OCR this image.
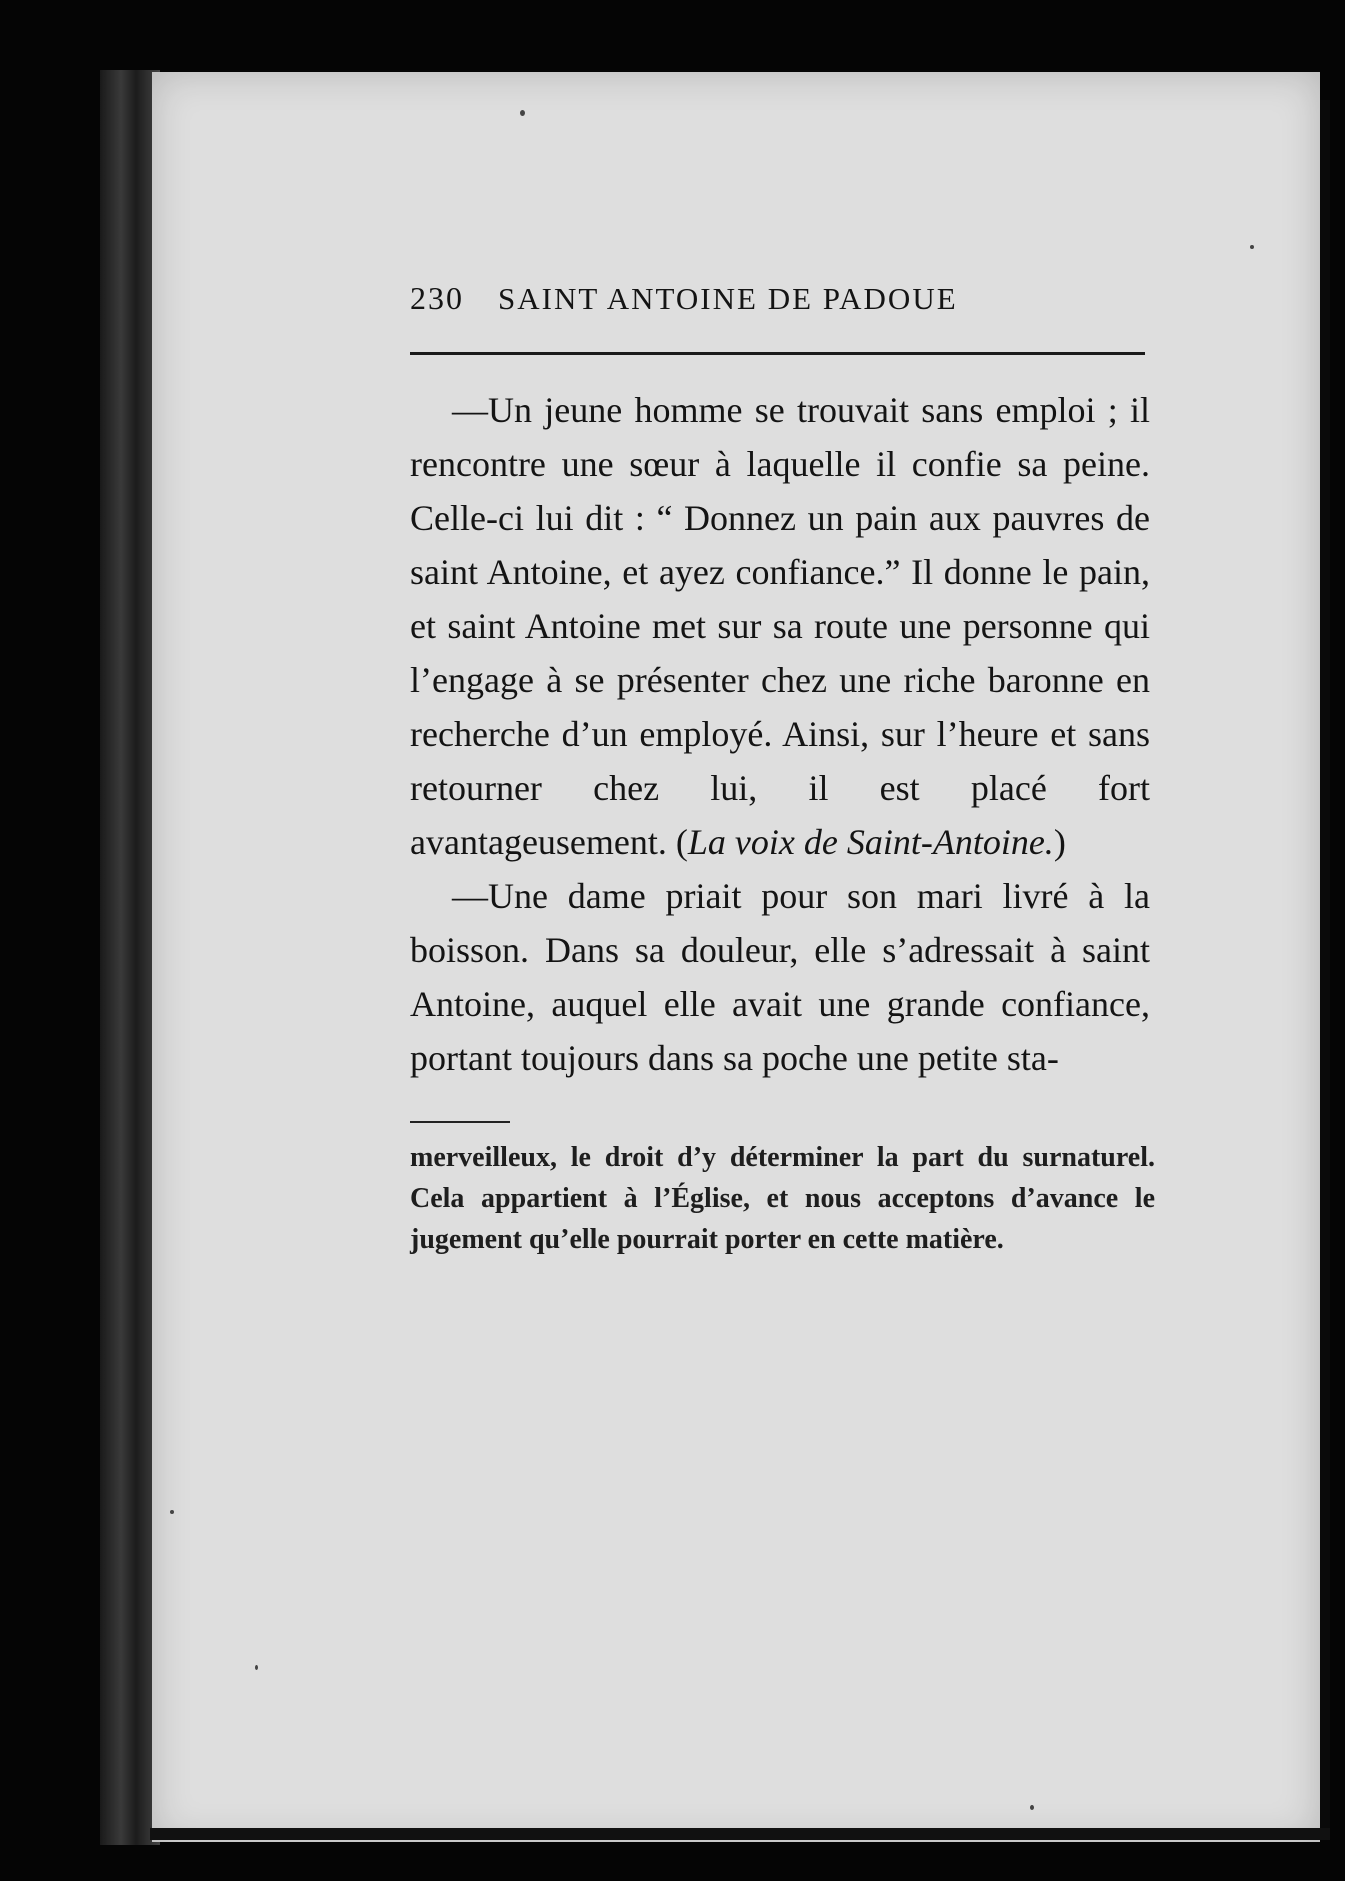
230 SAINT ANTOINE DE PADOUE

—Un jeune homme se trouvait sans emploi ; il rencontre une sœur à laquelle il confie sa peine. Celle-ci lui dit : “ Donnez un pain aux pauvres de saint Antoine, et ayez confiance.” Il donne le pain, et saint Antoine met sur sa route une personne qui l’engage à se présenter chez une riche baronne en recherche d’un employé. Ainsi, sur l’heure et sans retourner chez lui, il est placé fort avantageusement. (La voix de Saint-Antoine.)

—Une dame priait pour son mari livré à la boisson. Dans sa douleur, elle s’adressait à saint Antoine, auquel elle avait une grande confiance, portant toujours dans sa poche une petite sta-

merveilleux, le droit d’y déterminer la part du surnaturel. Cela appartient à l’Église, et nous acceptons d’avance le jugement qu’elle pourrait porter en cette matière.
